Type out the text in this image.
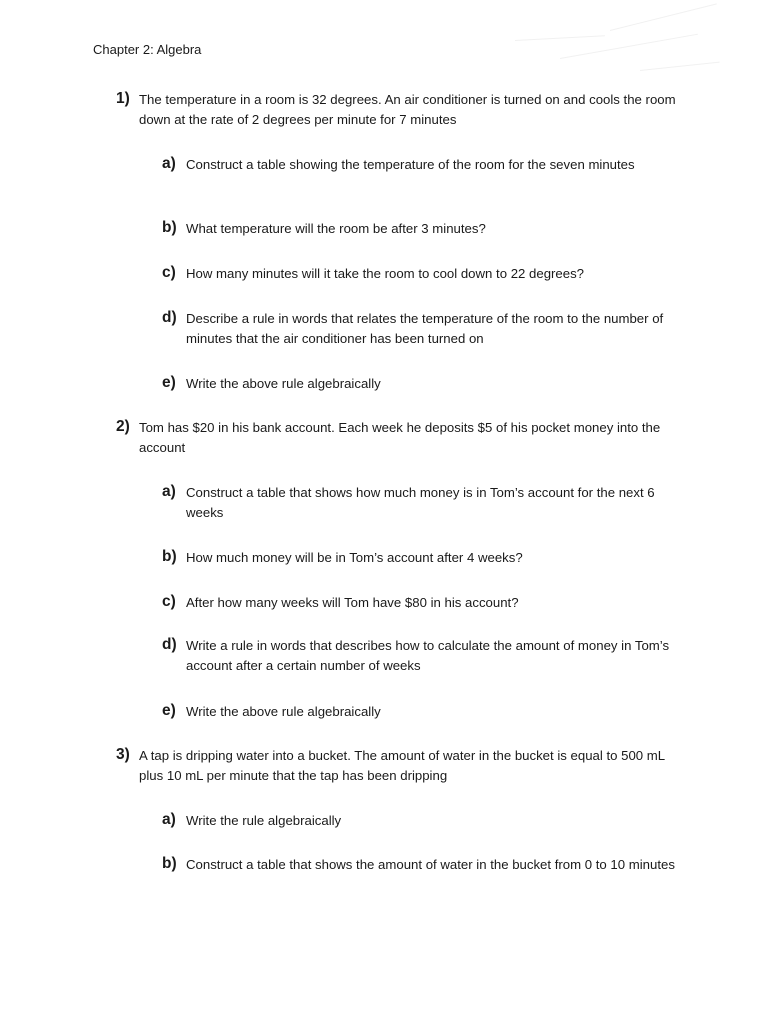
Chapter 2: Algebra
1) The temperature in a room is 32 degrees. An air conditioner is turned on and cools the room down at the rate of 2 degrees per minute for 7 minutes
a) Construct a table showing the temperature of the room for the seven minutes
b) What temperature will the room be after 3 minutes?
c) How many minutes will it take the room to cool down to 22 degrees?
d) Describe a rule in words that relates the temperature of the room to the number of minutes that the air conditioner has been turned on
e) Write the above rule algebraically
2) Tom has $20 in his bank account. Each week he deposits $5 of his pocket money into the account
a) Construct a table that shows how much money is in Tom’s account for the next 6 weeks
b) How much money will be in Tom’s account after 4 weeks?
c) After how many weeks will Tom have $80 in his account?
d) Write a rule in words that describes how to calculate the amount of money in Tom’s account after a certain number of weeks
e) Write the above rule algebraically
3) A tap is dripping water into a bucket. The amount of water in the bucket is equal to 500 mL plus 10 mL per minute that the tap has been dripping
a) Write the rule algebraically
b) Construct a table that shows the amount of water in the bucket from 0 to 10 minutes
